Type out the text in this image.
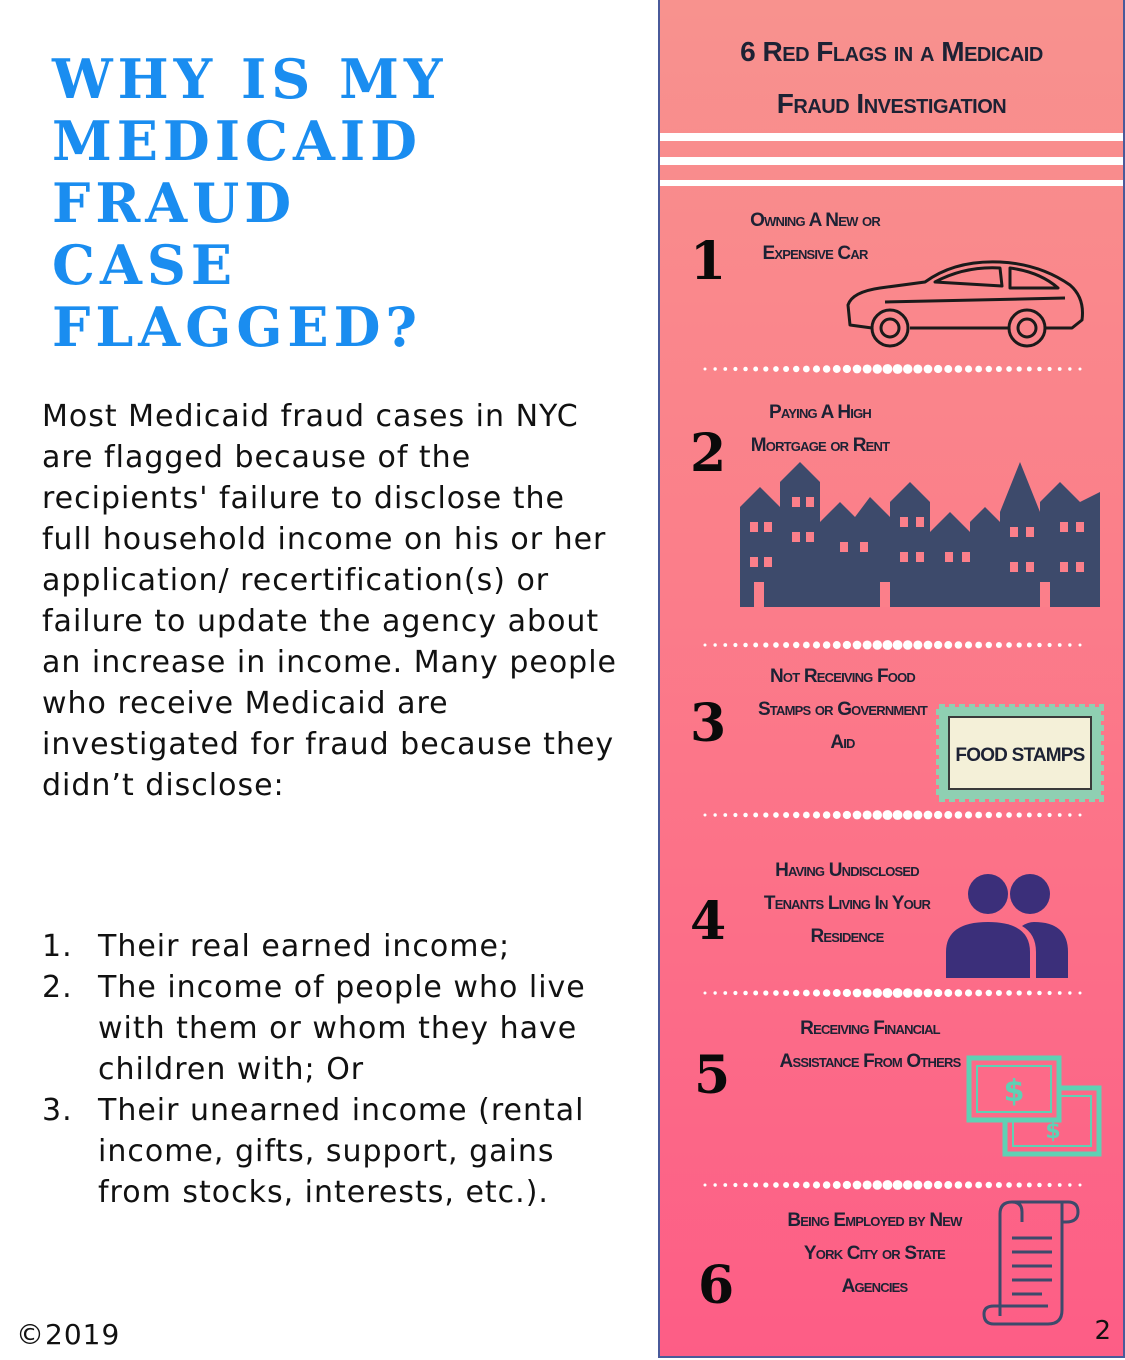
WHY IS MY
MEDICAID
FRAUD
CASE
FLAGGED?

Most Medicaid fraud cases in NYC are flagged because of the recipients' failure to disclose the full household income on his or her application/ recertification(s) or failure to update the agency about an increase in income. Many people who receive Medicaid are investigated for fraud because they didn’t disclose:

1. Their real earned income;
2. The income of people who live with them or whom they have children with; Or
3. Their unearned income (rental income, gifts, support, gains from stocks, interests, etc.).
©2019
6 Red Flags in a Medicaid
Fraud Investigation
1
Owning A New or
Expensive Car
2
Paying A High
Mortgage or Rent
3
Not Receiving Food
Stamps or Government
Aid
FOOD STAMPS
4
Having Undisclosed
Tenants Living In Your
Residence
5
Receiving Financial
Assistance From Others
$
$
6
Being Employed by New
York City or State
Agencies
2
